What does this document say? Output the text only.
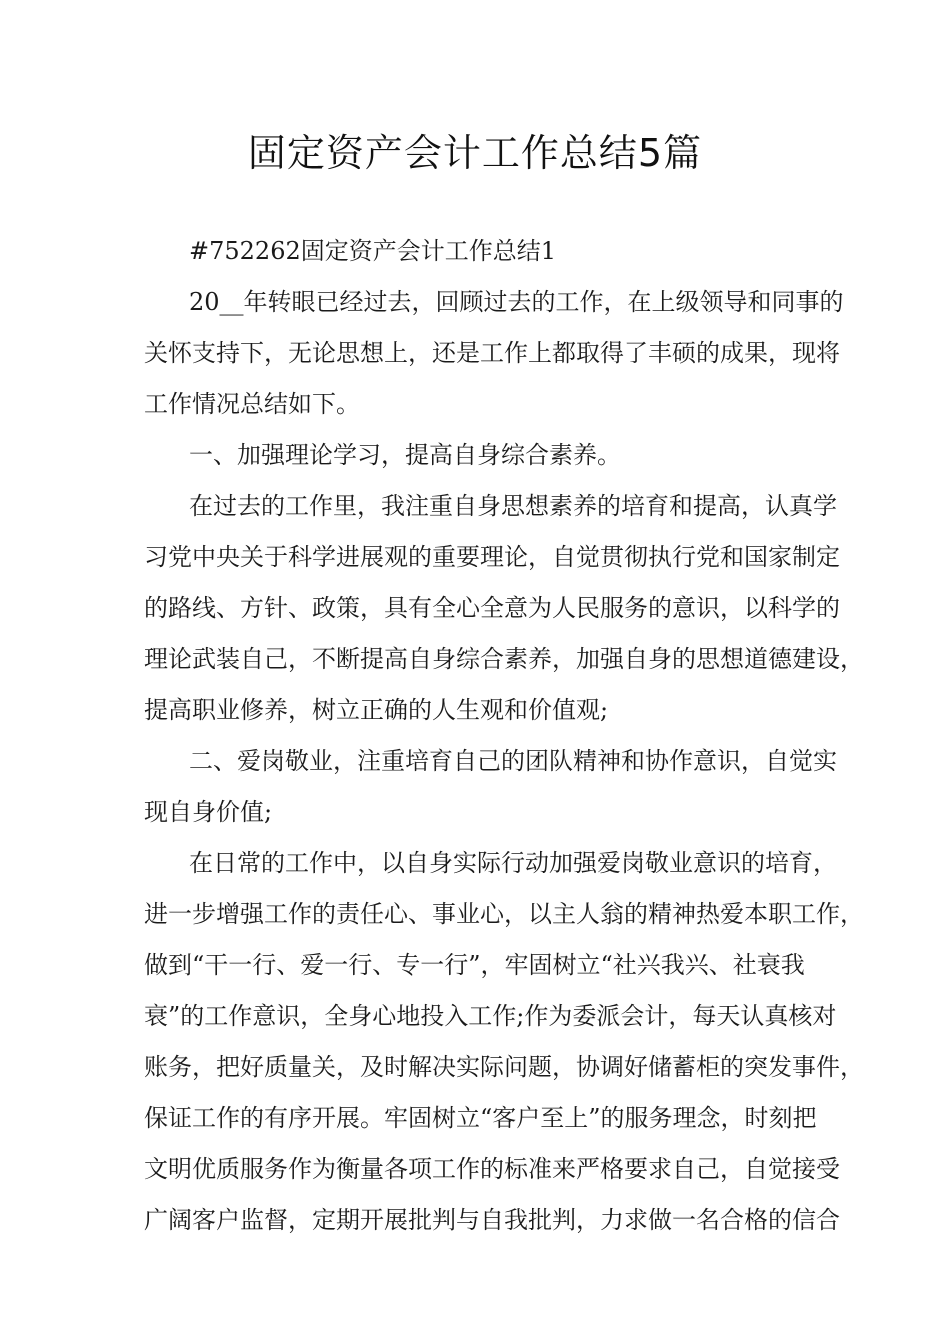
固定资产会计工作总结5篇

#752262固定资产会计工作总结1

20__年转眼已经过去，回顾过去的工作，在上级领导和同事的
关怀支持下，无论思想上，还是工作上都取得了丰硕的成果，现将
工作情况总结如下。

一、加强理论学习，提高自身综合素养。

在过去的工作里，我注重自身思想素养的培育和提高，认真学
习党中央关于科学进展观的重要理论，自觉贯彻执行党和国家制定
的路线、方针、政策，具有全心全意为人民服务的意识，以科学的
理论武装自己，不断提高自身综合素养，加强自身的思想道德建设，
提高职业修养，树立正确的人生观和价值观;

二、爱岗敬业，注重培育自己的团队精神和协作意识，自觉实
现自身价值;

在日常的工作中，以自身实际行动加强爱岗敬业意识的培育，
进一步增强工作的责任心、事业心，以主人翁的精神热爱本职工作，
做到“干一行、爱一行、专一行”，牢固树立“社兴我兴、社衰我
衰”的工作意识，全身心地投入工作;作为委派会计，每天认真核对
账务，把好质量关，及时解决实际问题，协调好储蓄柜的突发事件，
保证工作的有序开展。牢固树立“客户至上”的服务理念，时刻把
文明优质服务作为衡量各项工作的标准来严格要求自己，自觉接受
广阔客户监督，定期开展批判与自我批判，力求做一名合格的信合
